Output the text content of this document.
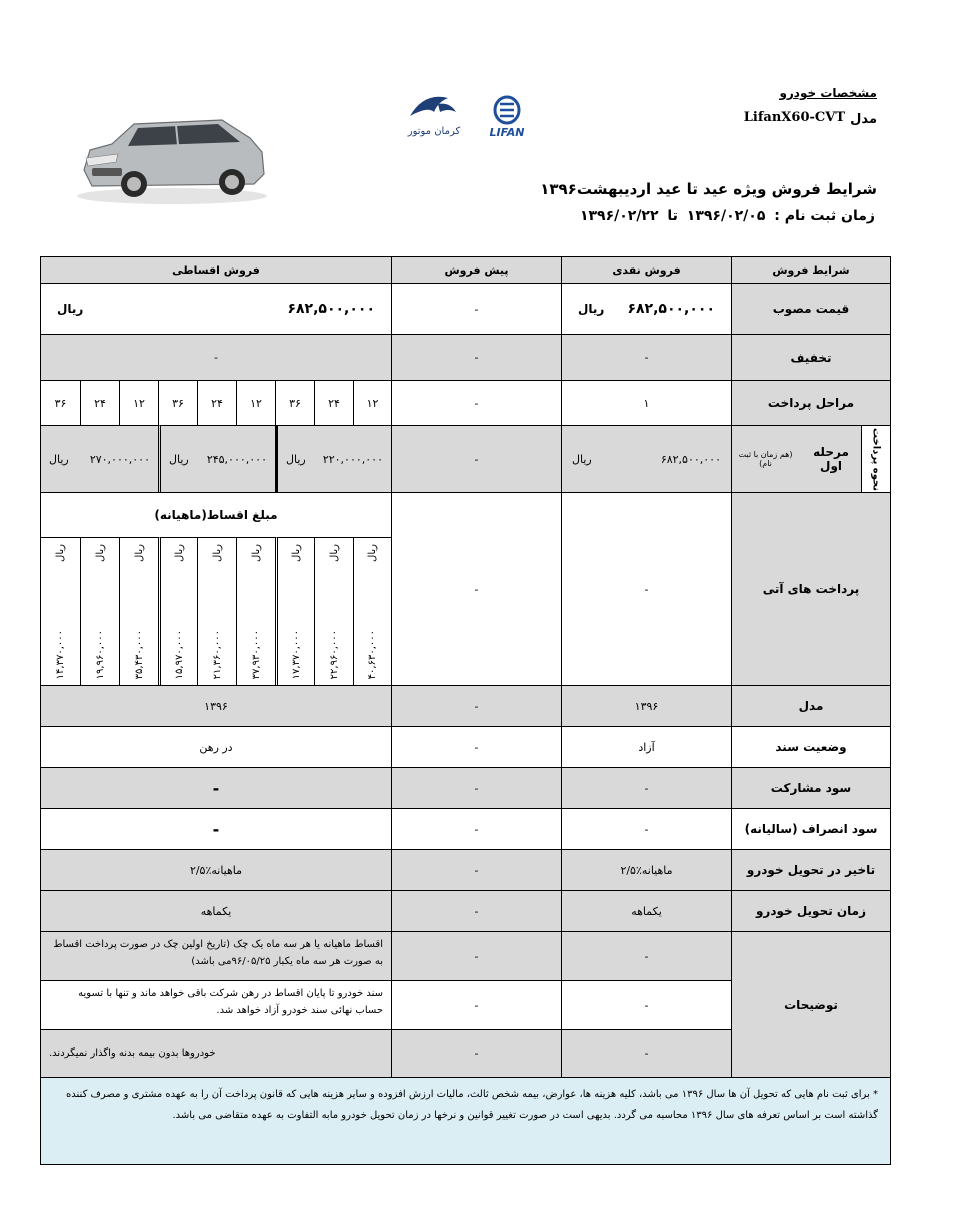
مشخصات خودرو
مدل
LifanX60-CVT
شرایط فروش ویژه عید تا عید اردیبهشت۱۳۹۶
زمان ثبت نام : ۱۳۹۶/۰۲/۰۵ تا ۱۳۹۶/۰۲/۲۲
کرمان موتور	LIFAN
شرایط فروش
فروش نقدی
پیش فروش
فروش اقساطی
قیمت مصوب
۶۸۲,۵۰۰,۰۰۰
ریال
-
۶۸۲,۵۰۰,۰۰۰
ریال
تخفیف
-
-
-
مراحل پرداخت
۱
-
۱۲
۲۴
۳۶
۱۲
۲۴
۳۶
۱۲
۲۴
۳۶
نحوه پرداخت
مرحله اول
(هم زمان با ثبت نام)
۶۸۲,۵۰۰,۰۰۰
ریال
-
۲۲۰,۰۰۰,۰۰۰
ریال
۲۴۵,۰۰۰,۰۰۰
ریال
۲۷۰,۰۰۰,۰۰۰
ریال
پرداخت های آتی
-
-
مبلغ اقساط(ماهیانه)
ریال
۴۰,۶۳۰,۰۰۰
ریال
۲۲,۹۶۰,۰۰۰
ریال
۱۷,۳۷۰,۰۰۰
ریال
۳۷,۹۳۰,۰۰۰
ریال
۲۱,۳۶۰,۰۰۰
ریال
۱۵,۹۷۰,۰۰۰
ریال
۳۵,۴۳۰,۰۰۰
ریال
۱۹,۹۶۰,۰۰۰
ریال
۱۴,۳۷۰,۰۰۰
مدل
۱۳۹۶
-
۱۳۹۶
وضعیت سند
آزاد
-
در رهن
سود مشارکت
-
-
-
سود انصراف (سالیانه)
-
-
-
تاخیر در تحویل خودرو
۲/۵٪ماهیانه
-
۲/۵٪ماهیانه
زمان تحویل خودرو
یکماهه
-
یکماهه
توضیحات
-
-
اقساط ماهیانه یا هر سه ماه یک چک (تاریخ اولین چک در صورت پرداخت اقساط به صورت هر سه ماه یکبار ۹۶/۰۵/۲۵می باشد)
-
-
سند خودرو تا پایان اقساط در رهن شرکت باقی خواهد ماند و تنها با تسویه حساب نهائی سند خودرو آزاد خواهد شد.
-
-
خودروها بدون بیمه بدنه واگذار نمیگردند.
* برای ثبت نام هایی که تحویل آن ها سال ۱۳۹۶ می باشد، کلیه هزینه ها، عوارض، بیمه شخص ثالث، مالیات ارزش افزوده و سایر هزینه هایی که قانون پرداخت آن را به عهده مشتری و مصرف کننده گذاشته است بر اساس تعرفه های سال ۱۳۹۶ محاسبه می گردد. بدیهی است در صورت تغییر قوانین و نرخها در زمان تحویل خودرو مابه التفاوت به عهده متقاضی می باشد.
